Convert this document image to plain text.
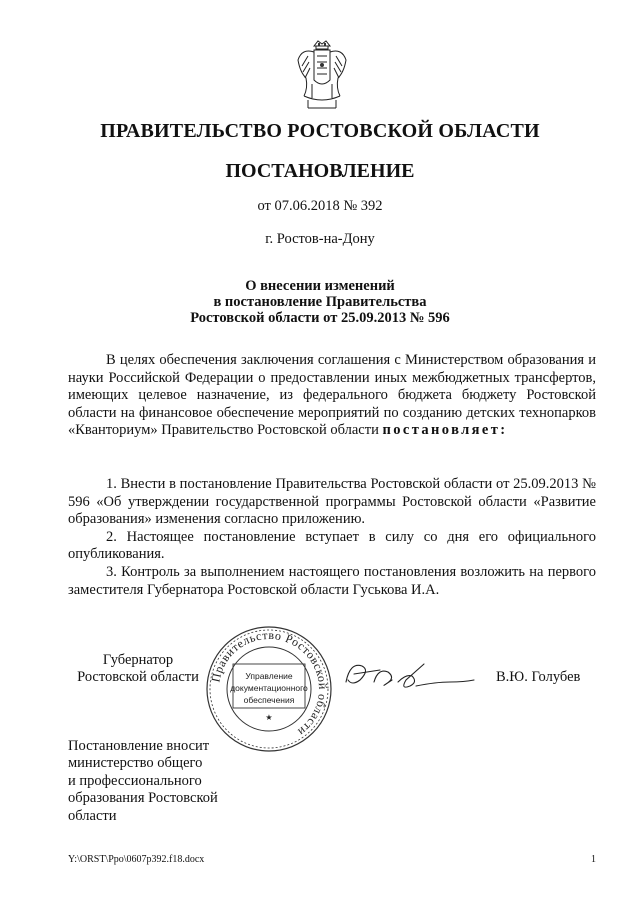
ПРАВИТЕЛЬСТВО РОСТОВСКОЙ ОБЛАСТИ
ПОСТАНОВЛЕНИЕ
от 07.06.2018 № 392
г. Ростов-на-Дону
О внесении изменений
в постановление Правительства
Ростовской области от 25.09.2013 № 596

В целях обеспечения заключения соглашения с Министерством образования и науки Российской Федерации о предоставлении иных межбюджетных трансфертов, имеющих целевое назначение, из федерального бюджета бюджету Ростовской области на финансовое обеспечение мероприятий по созданию детских технопарков «Кванториум» Правительство Ростовской области постановляет:

1. Внести в постановление Правительства Ростовской области от 25.09.2013 № 596 «Об утверждении государственной программы Ростовской области «Развитие образования» изменения согласно приложению.

2. Настоящее постановление вступает в силу со дня его официального опубликования.

3. Контроль за выполнением настоящего постановления возложить на первого заместителя Губернатора Ростовской области Гуськова И.А.

Губернатор
Ростовской области Правительство Ростовской области
Управление
документационного
обеспечения
★
В.Ю. Голубев
Постановление вносит
министерство общего
и профессионального
образования Ростовской
области
Y:\ORST\Ppo\0607p392.f18.docx	1
